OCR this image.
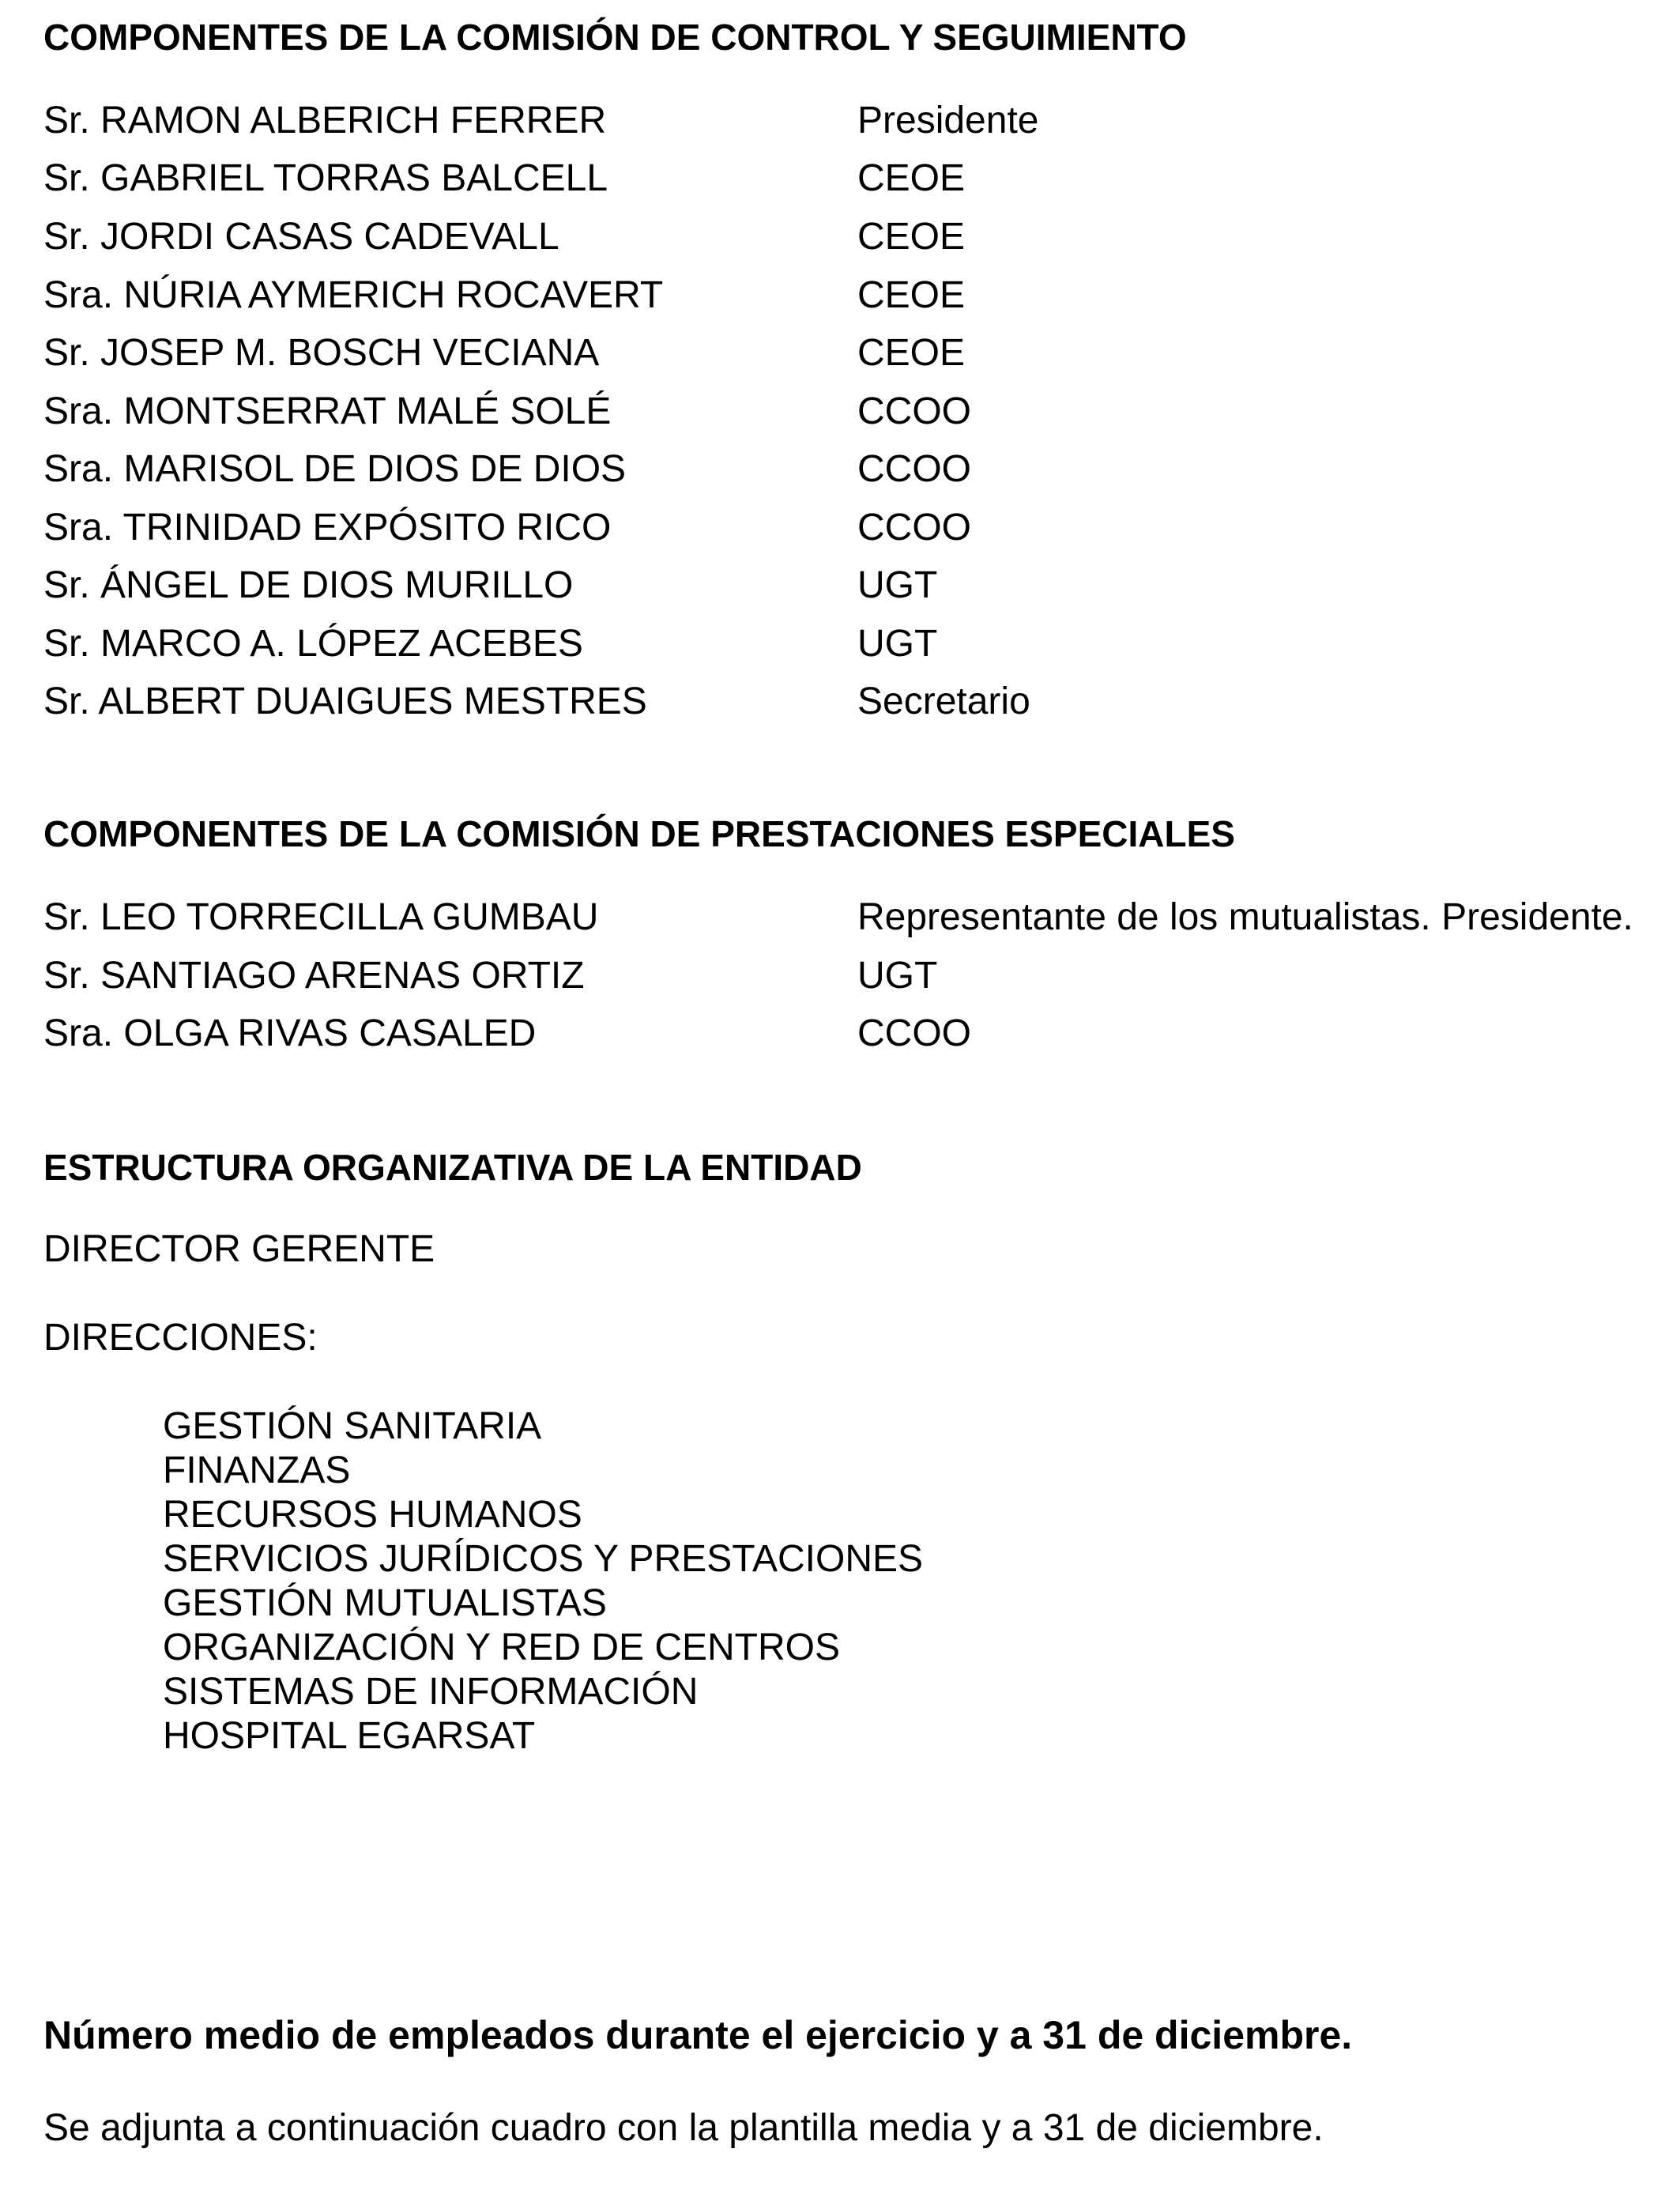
COMPONENTES DE LA COMISIÓN DE CONTROL Y SEGUIMIENTO
Sr. RAMON ALBERICH FERRER	Presidente
Sr. GABRIEL TORRAS BALCELL	CEOE
Sr. JORDI CASAS CADEVALL	CEOE
Sra. NÚRIA AYMERICH ROCAVERT	CEOE
Sr. JOSEP M. BOSCH VECIANA	CEOE
Sra. MONTSERRAT MALÉ SOLÉ	CCOO
Sra. MARISOL DE DIOS DE DIOS	CCOO
Sra. TRINIDAD EXPÓSITO RICO	CCOO
Sr. ÁNGEL DE DIOS MURILLO	UGT
Sr. MARCO A. LÓPEZ ACEBES	UGT
Sr. ALBERT DUAIGUES MESTRES	Secretario
COMPONENTES DE LA COMISIÓN DE PRESTACIONES ESPECIALES
Sr. LEO TORRECILLA GUMBAU	Representante de los mutualistas. Presidente.
Sr. SANTIAGO ARENAS ORTIZ	UGT
Sra. OLGA RIVAS CASALED	CCOO
ESTRUCTURA ORGANIZATIVA DE LA ENTIDAD
DIRECTOR GERENTE
DIRECCIONES:
GESTIÓN SANITARIA
FINANZAS
RECURSOS HUMANOS
SERVICIOS JURÍDICOS Y PRESTACIONES
GESTIÓN MUTUALISTAS
ORGANIZACIÓN Y RED DE CENTROS
SISTEMAS DE INFORMACIÓN
HOSPITAL EGARSAT
Número medio de empleados durante el ejercicio y a 31 de diciembre.
Se adjunta a continuación cuadro con la plantilla media y a 31 de diciembre.
